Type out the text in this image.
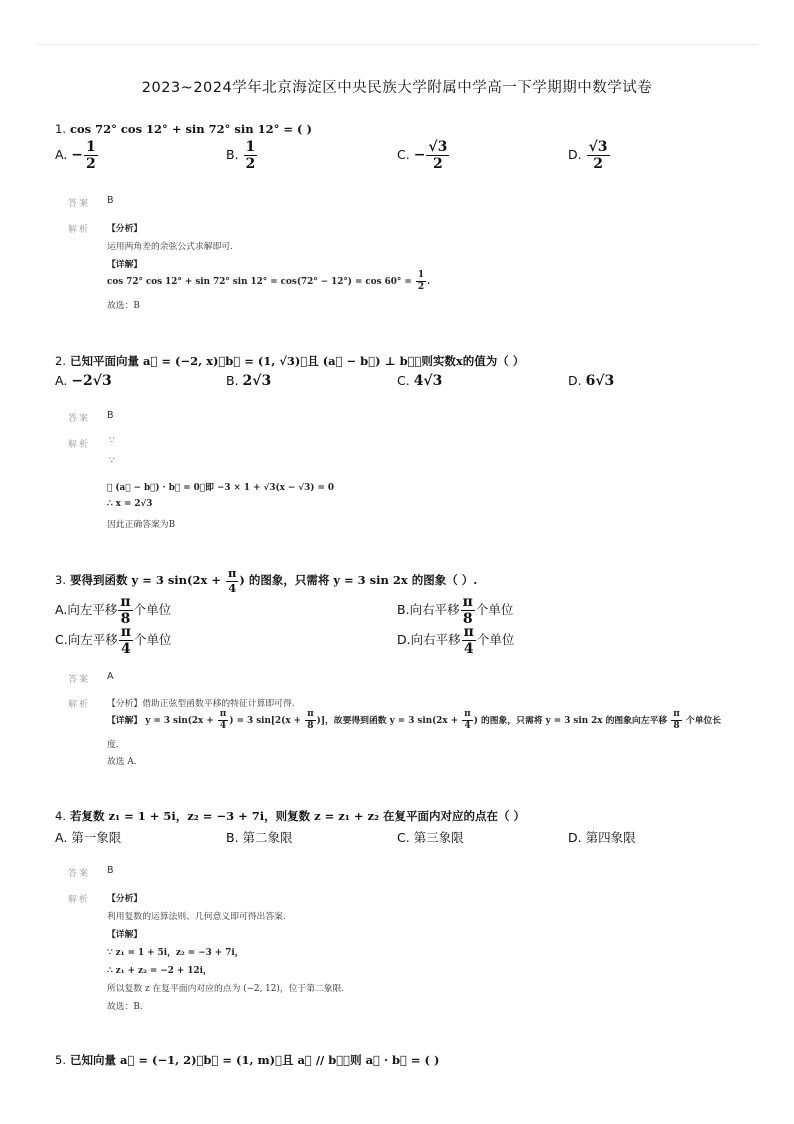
2023~2024学年北京海淀区中央民族大学附属中学高一下学期期中数学试卷
1. cos 72° cos 12° + sin 72° sin 12° = ( )
A. − $\frac{1}{2}$	B. $\frac{1}{2}$	C. − $\frac{√3}{2}$	D. $\frac{√3}{2}$
答案 B
解析 【分析】
运用两角差的余弦公式求解即可.
【详解】
cos 72° cos 12° + sin 72° $\sin 12^\circ = \cos(72^\circ - 12^\circ) = \cos 60^\circ = \frac{1}{2}$ .
故选：B
2. 已知平面向量 a⃗ = (−2, x)，b⃗ = (1, √3)，且 (a⃗ − b⃗) ⊥ b⃗，则实数x的值为（ ）
A. −2√3	B. 2√3	C. 4√3	D. 6√3
答案 B
解析 ∵
∵
∴ (a⃗ − b⃗) · b⃗ = 0，即 −3 × 1 + √3(x − √3) = 0
∴ x = 2√3
因此正确答案为B
3. 要得到函数 y = 3 $\sin(2x + \frac{\pi}{4}$ ) 的图象，只需将 y = 3 sin 2x 的图象（ ）.
A.向左平移 $\frac{\pi}{8}$ 个单位	B.向右平移 $\frac{\pi}{8}$ 个单位
C.向左平移 $\frac{\pi}{4}$ 个单位	D.向右平移 $\frac{\pi}{4}$ 个单位
答案 A
解析 【分析】借助正弦型函数平移的特征计算即可得.
【详解】 y = 3 $\sin(2x + \frac{\pi}{4}$ ) = 3 $\sin[2(x + \frac{\pi}{8}$ )]，故要得到函数 y = 3 $\sin(2x + \frac{\pi}{4}$ ) 的图象，只需将 y = 3 sin 2x 的图象向左平移 $\frac{\pi}{8}$ 个单位长
度.
故选 A.
4. 若复数 z₁ = 1 + 5i，z₂ = −3 + 7i，则复数 z = z₁ + z₂ 在复平面内对应的点在（ ）
A. 第一象限	B. 第二象限	C. 第三象限	D. 第四象限
答案 B
解析 【分析】
利用复数的运算法则、几何意义即可得出答案.
【详解】
∵ z₁ = 1 + 5i，z₂ = −3 + 7i，
∴ z₁ + z₂ = −2 + 12i，
所以复数 z 在复平面内对应的点为 (−2, 12)，位于第二象限.
故选：B.
5. 已知向量 a⃗ = (−1, 2)，b⃗ = (1, m)，且 a⃗ // b⃗，则 a⃗ · b⃗ = ( )
